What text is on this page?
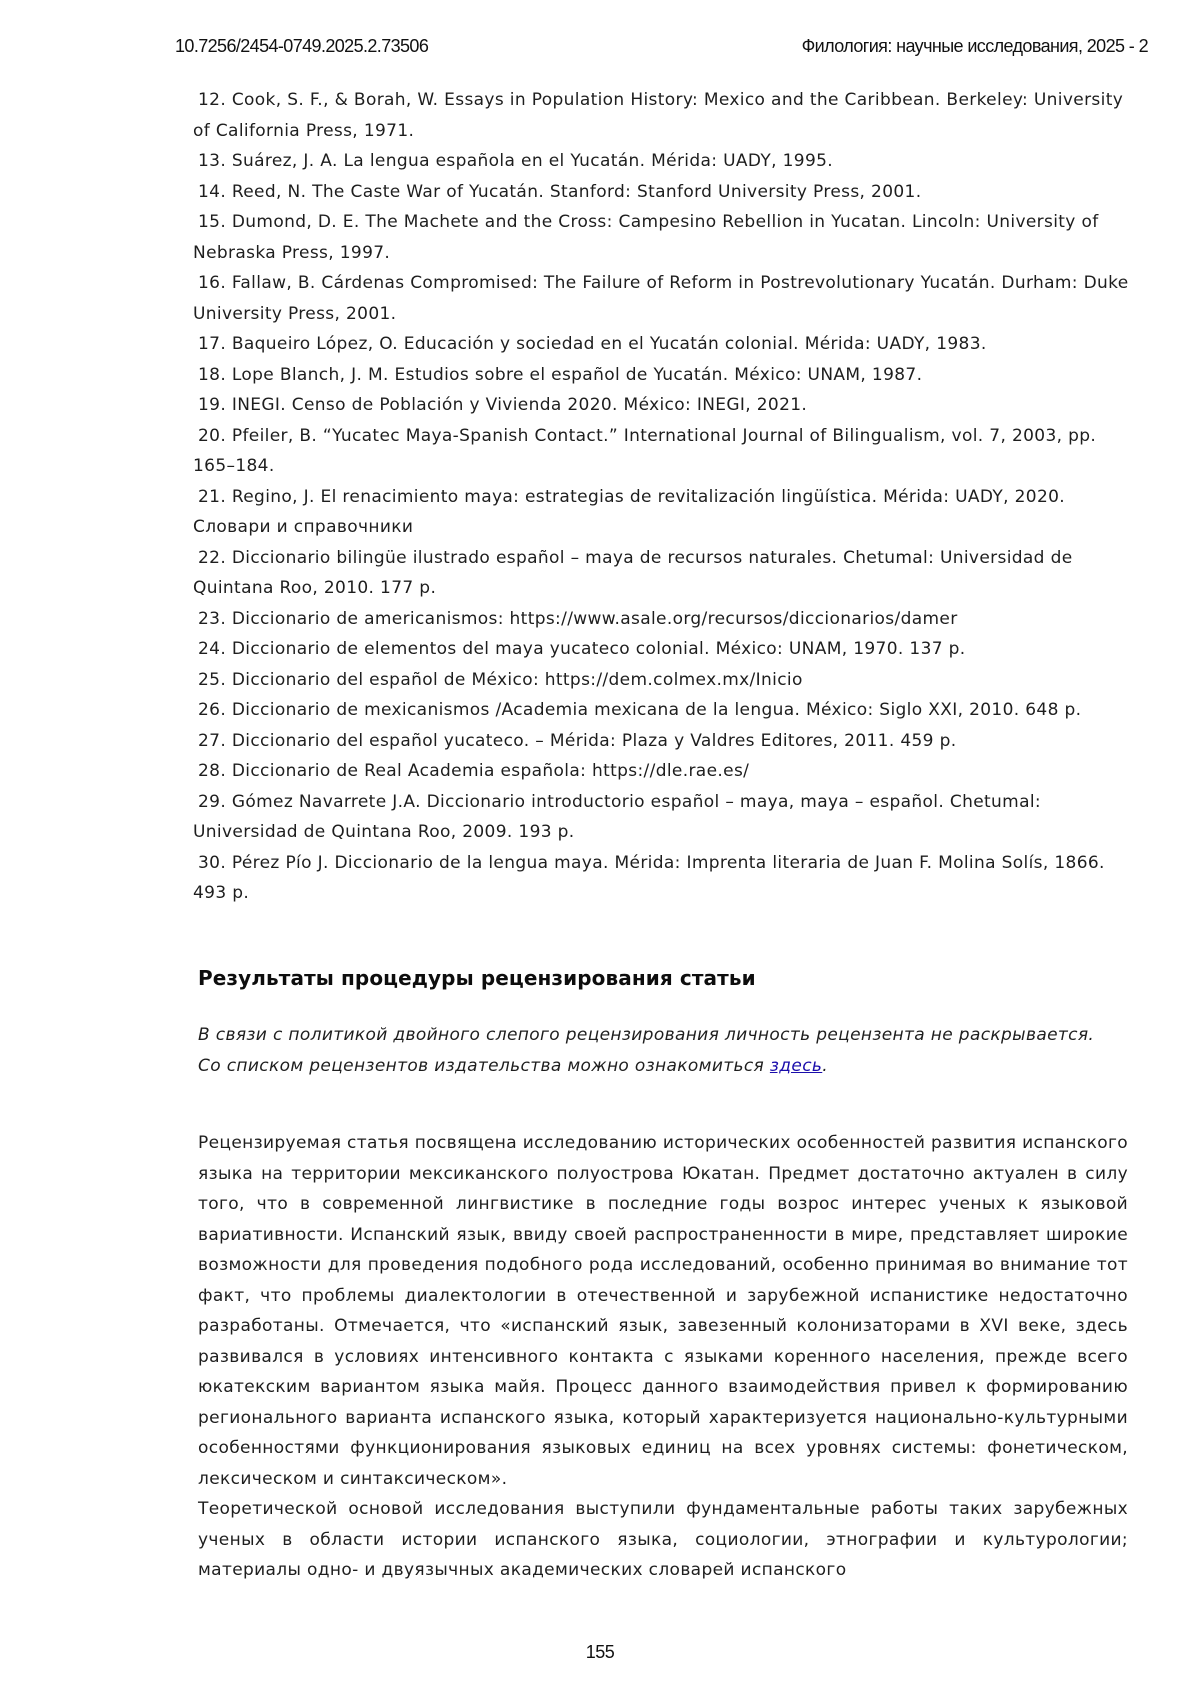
10.7256/2454-0749.2025.2.73506	Филология: научные исследования, 2025 - 2

12. Cook, S. F., & Borah, W. Essays in Population History: Mexico and the Caribbean. Berkeley: University of California Press, 1971.

13. Suárez, J. A. La lengua española en el Yucatán. Mérida: UADY, 1995.

14. Reed, N. The Caste War of Yucatán. Stanford: Stanford University Press, 2001.

15. Dumond, D. E. The Machete and the Cross: Campesino Rebellion in Yucatan. Lincoln: University of Nebraska Press, 1997.

16. Fallaw, B. Cárdenas Compromised: The Failure of Reform in Postrevolutionary Yucatán. Durham: Duke University Press, 2001.

17. Baqueiro López, O. Educación y sociedad en el Yucatán colonial. Mérida: UADY, 1983.

18. Lope Blanch, J. M. Estudios sobre el español de Yucatán. México: UNAM, 1987.

19. INEGI. Censo de Población y Vivienda 2020. México: INEGI, 2021.

20. Pfeiler, B. “Yucatec Maya-Spanish Contact.” International Journal of Bilingualism, vol. 7, 2003, pp. 165–184.

21. Regino, J. El renacimiento maya: estrategias de revitalización lingüística. Mérida: UADY, 2020. Словари и справочники

22. Diccionario bilingüe ilustrado español – maya de recursos naturales. Chetumal: Universidad de Quintana Roo, 2010. 177 p.

23. Diccionario de americanismos: https://www.asale.org/recursos/diccionarios/damer

24. Diccionario de elementos del maya yucateco colonial. México: UNAM, 1970. 137 p.

25. Diccionario del español de México: https://dem.colmex.mx/Inicio

26. Diccionario de mexicanismos /Academia mexicana de la lengua. México: Siglo XXI, 2010. 648 p.

27. Diccionario del español yucateco. – Mérida: Plaza y Valdres Editores, 2011. 459 p.

28. Diccionario de Real Academia española: https://dle.rae.es/

29. Gómez Navarrete J.A. Diccionario introductorio español – maya, maya – español. Chetumal: Universidad de Quintana Roo, 2009. 193 p.

30. Pérez Pío J. Diccionario de la lengua maya. Mérida: Imprenta literaria de Juan F. Molina Solís, 1866. 493 p.

Результаты процедуры рецензирования статьи

В связи с политикой двойного слепого рецензирования личность рецензента не раскрывается.

Со списком рецензентов издательства можно ознакомиться здесь.

Рецензируемая статья посвящена исследованию исторических особенностей развития испанского языка на территории мексиканского полуострова Юкатан. Предмет достаточно актуален в силу того, что в современной лингвистике в последние годы возрос интерес ученых к языковой вариативности. Испанский язык, ввиду своей распространенности в мире, представляет широкие возможности для проведения подобного рода исследований, особенно принимая во внимание тот факт, что проблемы диалектологии в отечественной и зарубежной испанистике недостаточно разработаны. Отмечается, что «испанский язык, завезенный колонизаторами в XVI веке, здесь развивался в условиях интенсивного контакта с языками коренного населения, прежде всего юкатекским вариантом языка майя. Процесс данного взаимодействия привел к формированию регионального варианта испанского языка, который характеризуется национально-культурными особенностями функционирования языковых единиц на всех уровнях системы: фонетическом, лексическом и синтаксическом».

Теоретической основой исследования выступили фундаментальные работы таких зарубежных ученых в области истории испанского языка, социологии, этнографии и культурологии; материалы одно- и двуязычных академических словарей испанского

155
